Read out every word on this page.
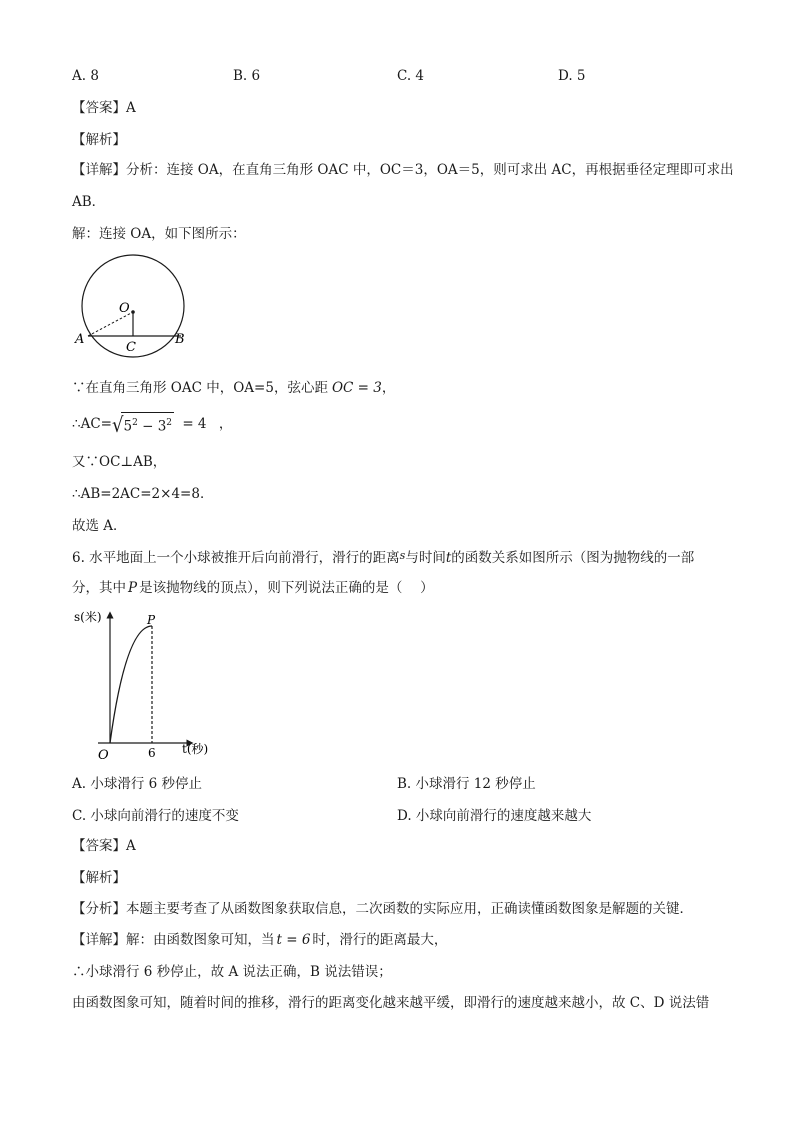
A. 8	B. 6	C. 4	D. 5
【答案】A
【解析】
【详解】分析：连接 OA，在直角三角形 OAC 中，OC＝3，OA＝5，则可求出 AC，再根据垂径定理即可求出
AB．
解：连接 OA，如下图所示：
O
A	B
C
∵在直角三角形 OAC 中，OA=5，弦心距 OC = 3，
$\therefore AC=√5^2 - 3^2 = 4$ ，
又∵OC⊥AB，
∴AB=2AC=2×4=8．
故选 A．
6. 水平地面上一个小球被推开后向前滑行，滑行的距离$^s$与时间t的函数关系如图所示（图为抛物线的一部
分，其中 P 是该抛物线的顶点），则下列说法正确的是（　 ）
s(米)
t(秒)
O
P
6
A. 小球滑行 6 秒停止	B. 小球滑行 12 秒停止
C. 小球向前滑行的速度不变	D. 小球向前滑行的速度越来越大
【答案】A
【解析】
【分析】本题主要考查了从函数图象获取信息，二次函数的实际应用，正确读懂函数图象是解题的关键．
【详解】解：由函数图象可知，当 t = 6 时，滑行的距离最大，
∴小球滑行 6 秒停止，故 A 说法正确，B 说法错误；
由函数图象可知，随着时间的推移，滑行的距离变化越来越平缓，即滑行的速度越来越小，故 C、D 说法错
